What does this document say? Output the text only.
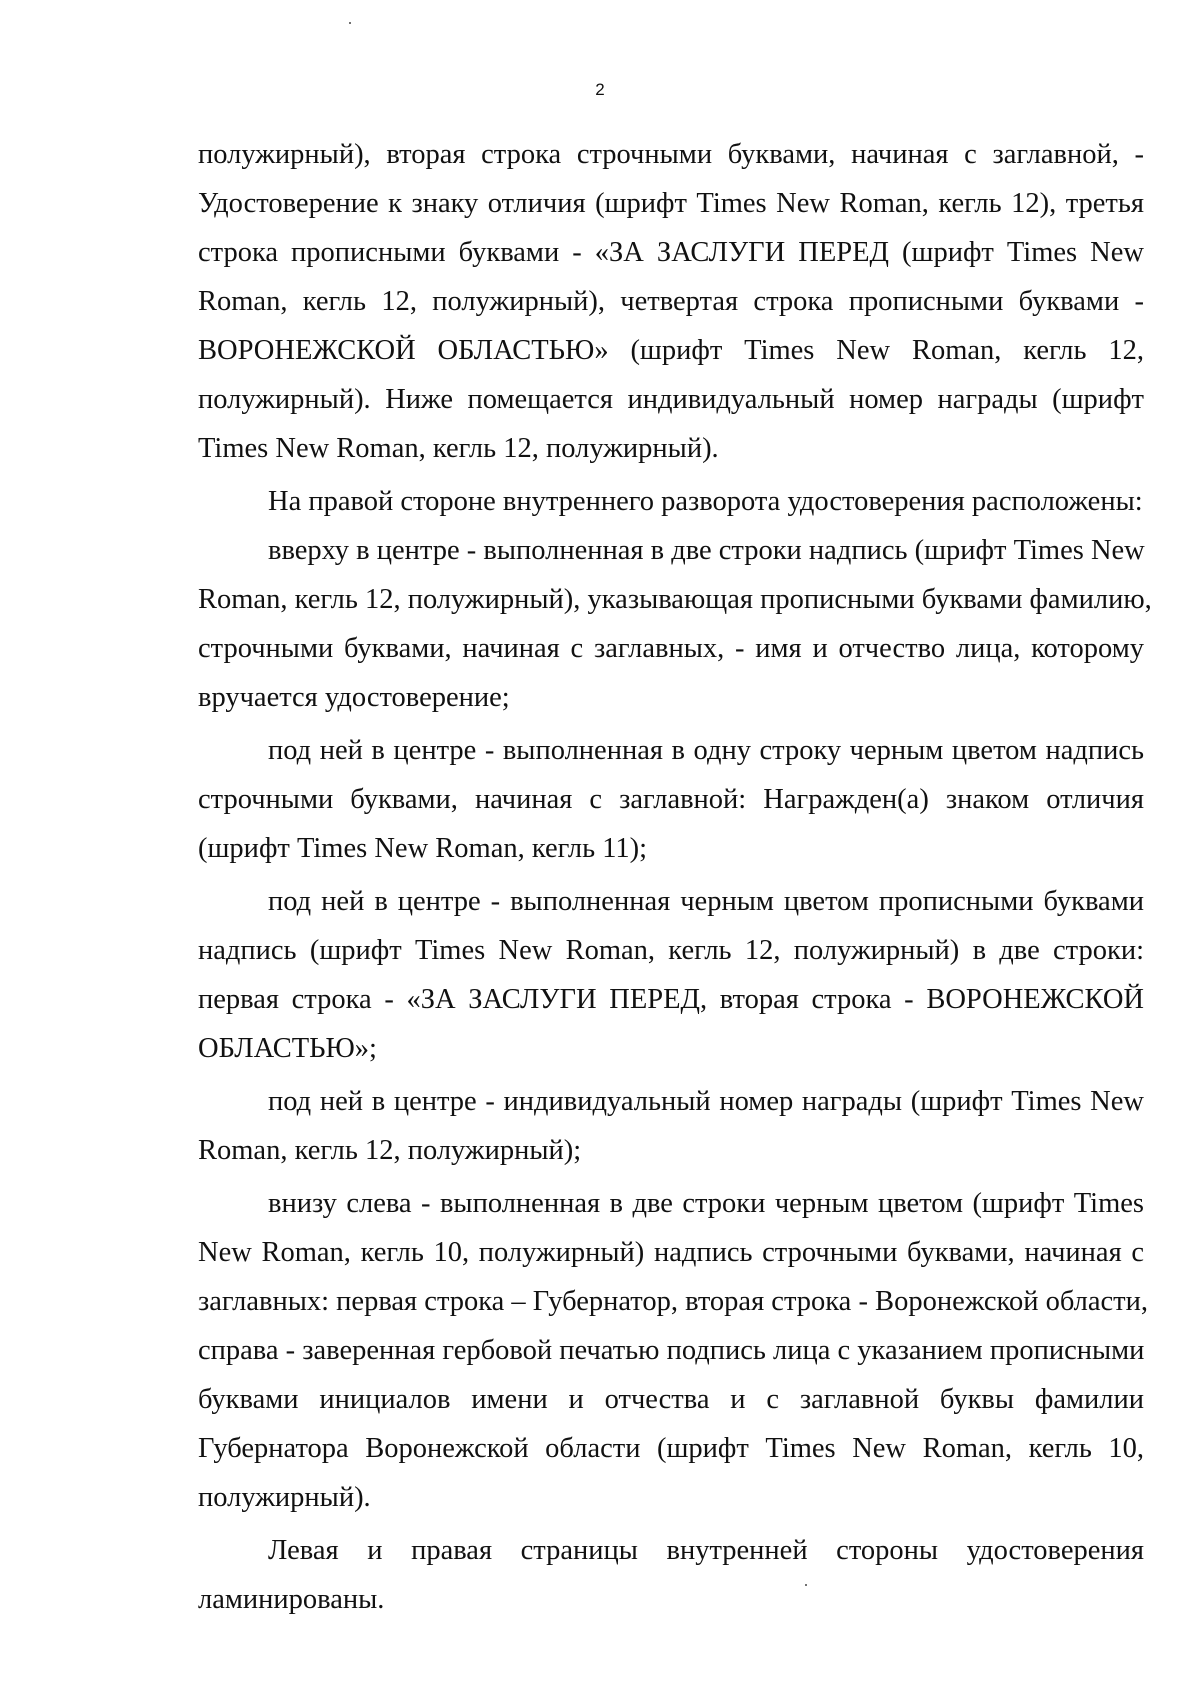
2
полужирный), вторая строка строчными буквами, начиная с заглавной, -
Удостоверение к знаку отличия (шрифт Times New Roman, кегль 12), третья
строка прописными буквами - «ЗА ЗАСЛУГИ ПЕРЕД (шрифт Times New
Roman, кегль 12, полужирный), четвертая строка прописными буквами -
ВОРОНЕЖСКОЙ ОБЛАСТЬЮ» (шрифт Times New Roman, кегль 12,
полужирный). Ниже помещается индивидуальный номер награды (шрифт
Times New Roman, кегль 12, полужирный).
На правой стороне внутреннего разворота удостоверения расположены:
вверху в центре - выполненная в две строки надпись (шрифт Times New
Roman, кегль 12, полужирный), указывающая прописными буквами фамилию,
строчными буквами, начиная с заглавных, - имя и отчество лица, которому
вручается удостоверение;
под ней в центре - выполненная в одну строку черным цветом надпись
строчными буквами, начиная с заглавной: Награжден(а) знаком отличия
(шрифт Times New Roman, кегль 11);
под ней в центре - выполненная черным цветом прописными буквами
надпись (шрифт Times New Roman, кегль 12, полужирный) в две строки:
первая строка - «ЗА ЗАСЛУГИ ПЕРЕД, вторая строка - ВОРОНЕЖСКОЙ
ОБЛАСТЬЮ»;
под ней в центре - индивидуальный номер награды (шрифт Times New
Roman, кегль 12, полужирный);
внизу слева - выполненная в две строки черным цветом (шрифт Times
New Roman, кегль 10, полужирный) надпись строчными буквами, начиная с
заглавных: первая строка – Губернатор, вторая строка - Воронежской области,
справа - заверенная гербовой печатью подпись лица с указанием прописными
буквами инициалов имени и отчества и с заглавной буквы фамилии
Губернатора Воронежской области (шрифт Times New Roman, кегль 10,
полужирный).
Левая и правая страницы внутренней стороны удостоверения
ламинированы.
